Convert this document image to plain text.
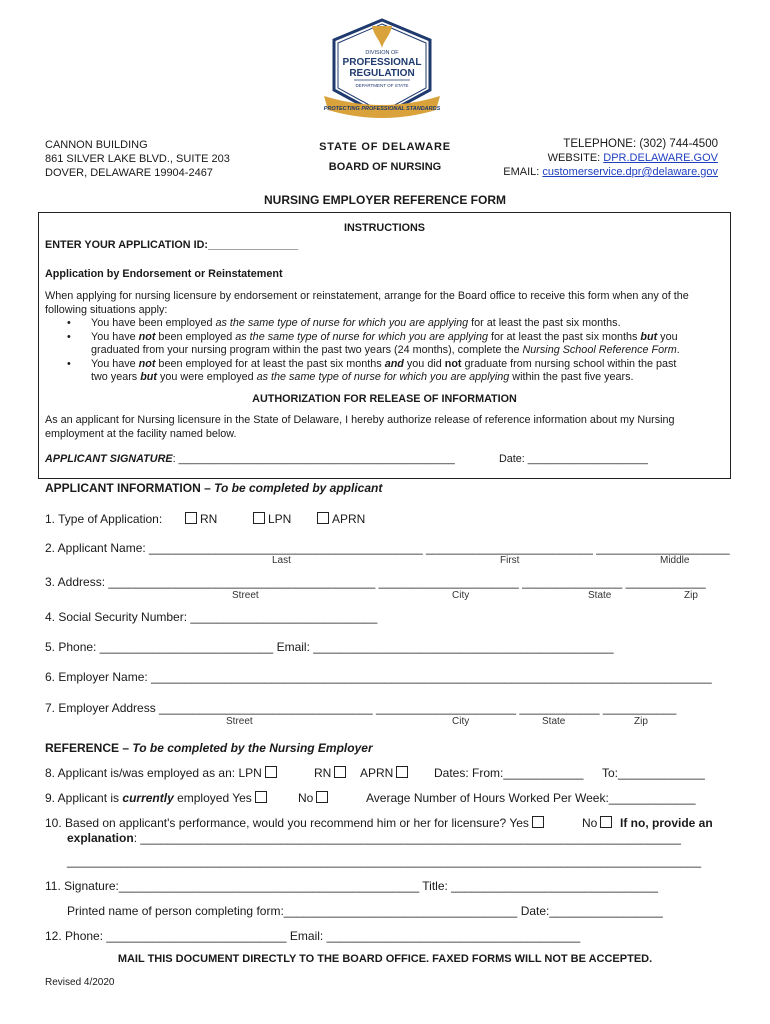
DIVISION OF
PROFESSIONAL
REGULATION
DEPARTMENT OF STATE
PROTECTING PROFESSIONAL STANDARDS
CANNON BUILDING
861 SILVER LAKE BLVD., SUITE 203
DOVER, DELAWARE 19904-2467
STATE OF DELAWARE
BOARD OF NURSING
TELEPHONE: (302) 744-4500
WEBSITE: DPR.DELAWARE.GOV
EMAIL: customerservice.dpr@delaware.gov
NURSING EMPLOYER REFERENCE FORM
INSTRUCTIONS
ENTER YOUR APPLICATION ID:_______________
Application by Endorsement or Reinstatement
When applying for nursing licensure by endorsement or reinstatement, arrange for the Board office to receive this form when any of the
following situations apply:
• You have been employed as the same type of nurse for which you are applying for at least the past six months.
• You have not been employed as the same type of nurse for which you are applying for at least the past six months but you
graduated from your nursing program within the past two years (24 months), complete the Nursing School Reference Form.
• You have not been employed for at least the past six months and you did not graduate from nursing school within the past
two years but you were employed as the same type of nurse for which you are applying within the past five years.
AUTHORIZATION FOR RELEASE OF INFORMATION
As an applicant for Nursing licensure in the State of Delaware, I hereby authorize release of reference information about my Nursing
employment at the facility named below.
APPLICANT SIGNATURE: ______________________________________________	Date: ____________________
APPLICANT INFORMATION – To be completed by applicant
1. Type of Application:	RN	LPN	APRN
2. Applicant Name: _________________________________________ _________________________ ____________________
Last	First	Middle
3. Address: ________________________________________ _____________________ _______________ ____________
Street	City	State	Zip
4. Social Security Number: ____________________________
5. Phone: __________________________ Email: _____________________________________________
6. Employer Name: ____________________________________________________________________________________
7. Employer Address ________________________________ _____________________ ____________ ___________
Street	City	State	Zip
REFERENCE – To be completed by the Nursing Employer
8. Applicant is/was employed as an: LPN	RN	APRN	Dates: From:____________ To:_____________
9. Applicant is currently employed Yes	No	Average Number of Hours Worked Per Week:_____________
10. Based on applicant's performance, would you recommend him or her for licensure? Yes	No	If no, provide an
explanation: _________________________________________________________________________________
_______________________________________________________________________________________________
11. Signature:_____________________________________________ Title: _______________________________
Printed name of person completing form:___________________________________ Date:_________________
12. Phone: ___________________________ Email: ______________________________________
MAIL THIS DOCUMENT DIRECTLY TO THE BOARD OFFICE. FAXED FORMS WILL NOT BE ACCEPTED.
Revised 4/2020
